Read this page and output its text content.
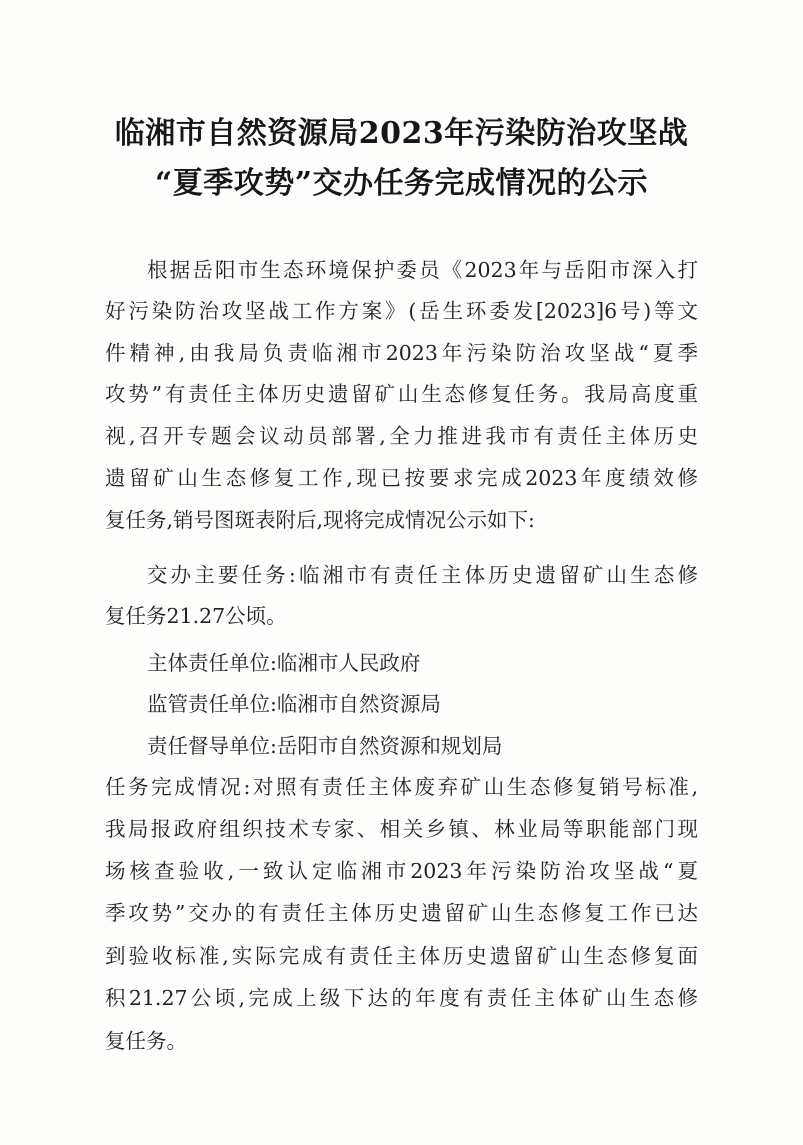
临湘市自然资源局2023年污染防治攻坚战
“夏季攻势”交办任务完成情况的公示
根据岳阳市生态环境保护委员《2023年与岳阳市深入打
好污染防治攻坚战工作方案》(岳生环委发[2023]6号)等文
件精神,由我局负责临湘市2023年污染防治攻坚战“夏季
攻势”有责任主体历史遗留矿山生态修复任务。我局高度重
视,召开专题会议动员部署,全力推进我市有责任主体历史
遗留矿山生态修复工作,现已按要求完成2023年度绩效修
复任务,销号图斑表附后,现将完成情况公示如下:
交办主要任务:临湘市有责任主体历史遗留矿山生态修
复任务21.27公顷。
主体责任单位:临湘市人民政府
监管责任单位:临湘市自然资源局
责任督导单位:岳阳市自然资源和规划局
任务完成情况:对照有责任主体废弃矿山生态修复销号标准,
我局报政府组织技术专家、相关乡镇、林业局等职能部门现
场核查验收,一致认定临湘市2023年污染防治攻坚战“夏
季攻势”交办的有责任主体历史遗留矿山生态修复工作已达
到验收标准,实际完成有责任主体历史遗留矿山生态修复面
积21.27公顷,完成上级下达的年度有责任主体矿山生态修
复任务。
